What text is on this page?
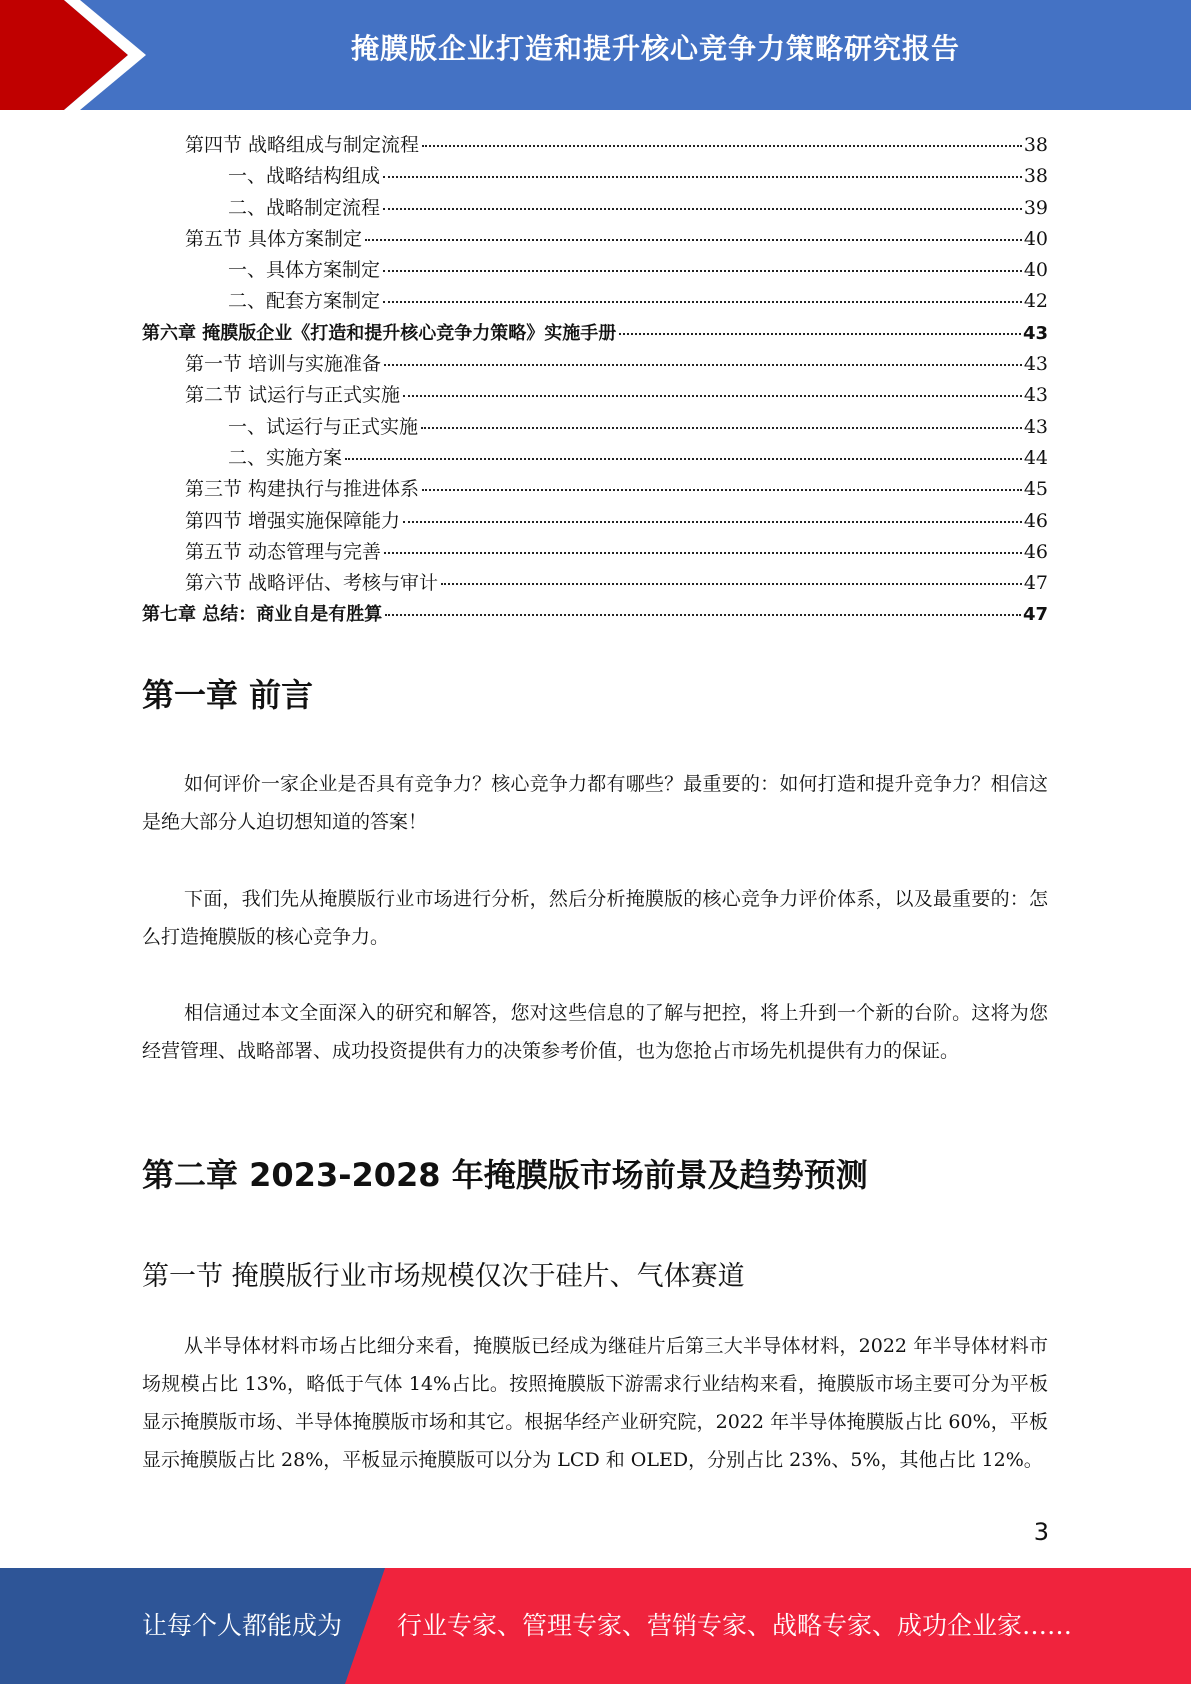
掩膜版企业打造和提升核心竞争力策略研究报告
第四节 战略组成与制定流程	38
一、战略结构组成	38
二、战略制定流程	39
第五节 具体方案制定	40
一、具体方案制定	40
二、配套方案制定	42
第六章 掩膜版企业《打造和提升核心竞争力策略》实施手册	43
第一节 培训与实施准备	43
第二节 试运行与正式实施	43
一、试运行与正式实施	43
二、实施方案	44
第三节 构建执行与推进体系	45
第四节 增强实施保障能力	46
第五节 动态管理与完善	46
第六节 战略评估、考核与审计	47
第七章 总结：商业自是有胜算	47
第一章 前言

如何评价一家企业是否具有竞争力？核心竞争力都有哪些？最重要的：如何打造和提升竞争力？相信这是绝大部分人迫切想知道的答案！

下面，我们先从掩膜版行业市场进行分析，然后分析掩膜版的核心竞争力评价体系，以及最重要的：怎么打造掩膜版的核心竞争力。

相信通过本文全面深入的研究和解答，您对这些信息的了解与把控，将上升到一个新的台阶。这将为您经营管理、战略部署、成功投资提供有力的决策参考价值，也为您抢占市场先机提供有力的保证。

第二章 2023-2028 年掩膜版市场前景及趋势预测
第一节 掩膜版行业市场规模仅次于硅片、气体赛道

从半导体材料市场占比细分来看，掩膜版已经成为继硅片后第三大半导体材料，2022 年半导体材料市场规模占比 13%，略低于气体 14%占比。按照掩膜版下游需求行业结构来看，掩膜版市场主要可分为平板显示掩膜版市场、半导体掩膜版市场和其它。根据华经产业研究院，2022 年半导体掩膜版占比 60%，平板显示掩膜版占比 28%，平板显示掩膜版可以分为 LCD 和 OLED，分别占比 23%、5%，其他占比 12%。

3
让每个人都能成为 行业专家、管理专家、营销专家、战略专家、成功企业家……
